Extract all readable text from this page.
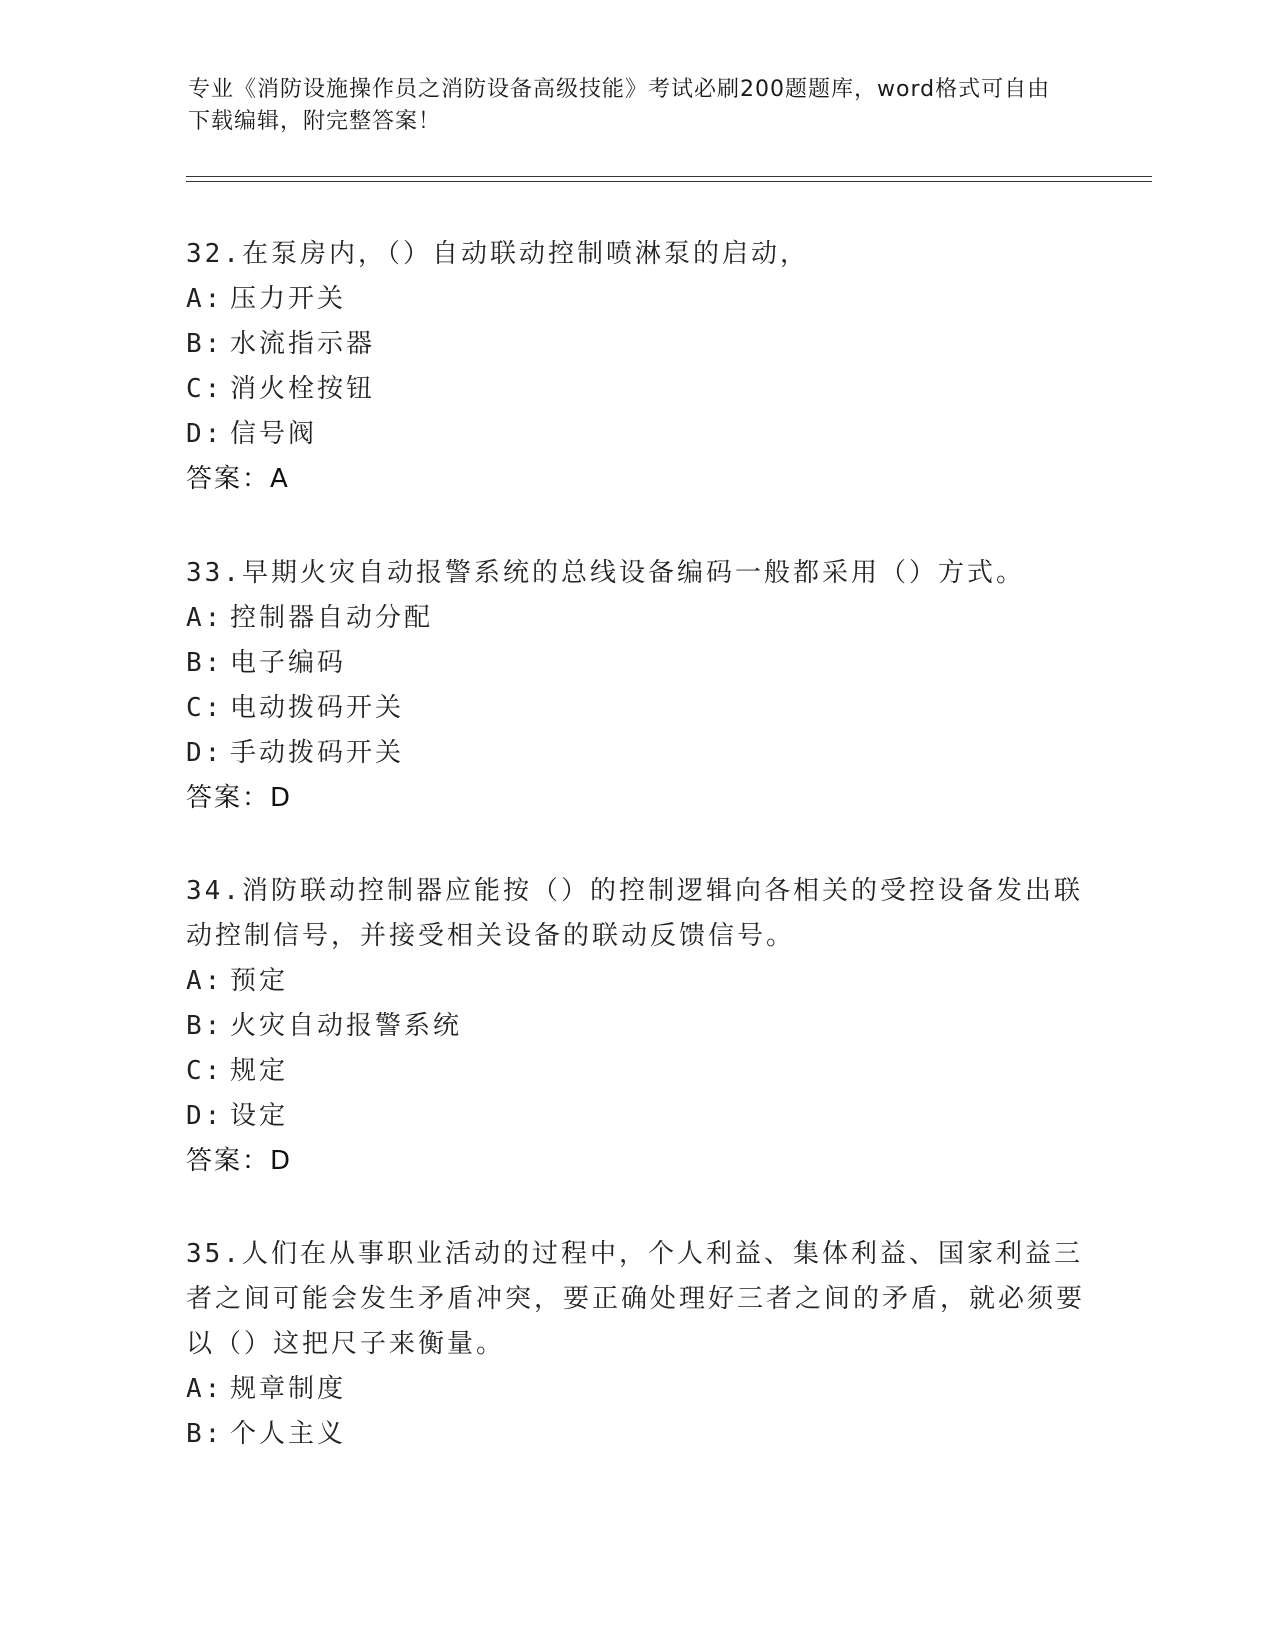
专业《消防设施操作员之消防设备高级技能》考试必刷200题题库，word格式可自由下载编辑，附完整答案！

32.在泵房内，（）自动联动控制喷淋泵的启动，

A: 压力开关
B: 水流指示器
C: 消火栓按钮
D: 信号阀
答案：A

33.早期火灾自动报警系统的总线设备编码一般都采用（）方式。

A: 控制器自动分配
B: 电子编码
C: 电动拨码开关
D: 手动拨码开关
答案：D

34.消防联动控制器应能按（）的控制逻辑向各相关的受控设备发出联动控制信号，并接受相关设备的联动反馈信号。

A: 预定
B: 火灾自动报警系统
C: 规定
D: 设定
答案：D

35.人们在从事职业活动的过程中，个人利益、集体利益、国家利益三者之间可能会发生矛盾冲突，要正确处理好三者之间的矛盾，就必须要以（）这把尺子来衡量。

A: 规章制度
B: 个人主义
